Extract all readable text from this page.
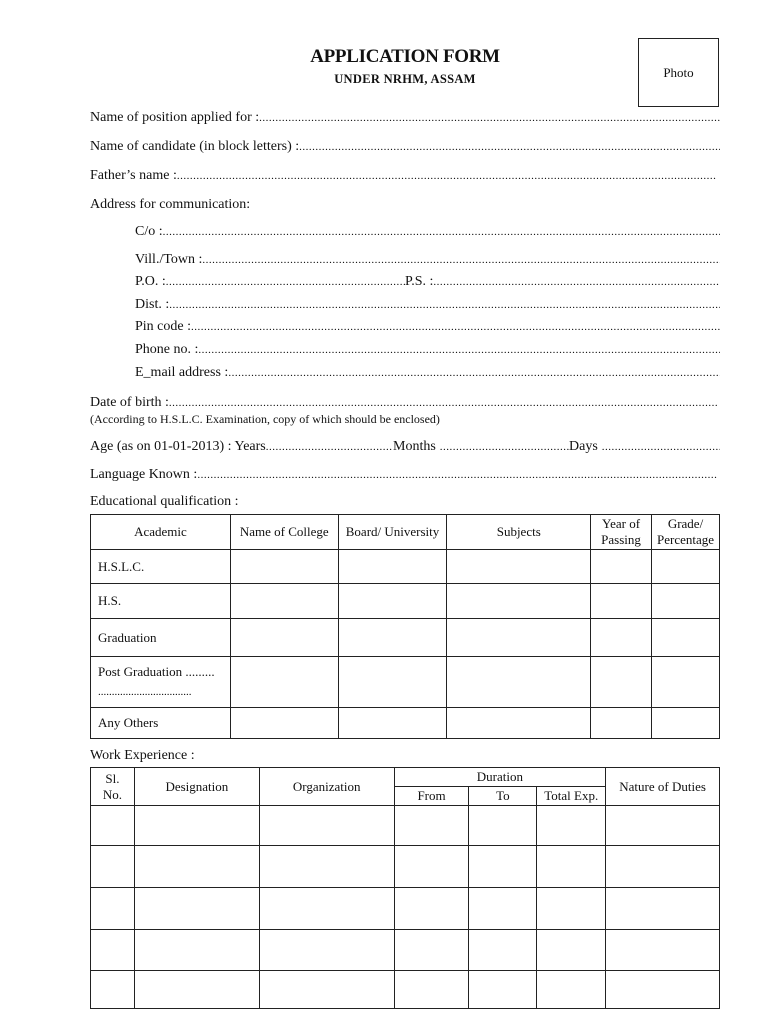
APPLICATION FORM
UNDER NRHM, ASSAM	Photo
Name of position applied for :
.....
Name of candidate (in block letters) :
.....
Father’s name :
.....
Address for communication:
C/o :
.....
Vill./Town :
.....
P.O. : .....	P.S. :
.....
Dist. :
.....
Pin code :
.....
Phone no. :
.....
E_mail address :
.....
Date of birth :
.....
(According to H.S.L.C. Examination, copy of which should be enclosed)
Age (as on 01-01-2013) : Years .....	Months .....	Days
.....
Language Known :
.....
Educational qualification :
Academic	Name of College	Board/ University	Subjects	Year of Passing	Grade/ Percentage
H.S.L.C.					
H.S.					
Graduation					

Post Graduation .........
..................................					

Any Others					
Work Experience :
Sl. No.	Designation	Organization	Duration			Nature of Duties
			From	To	Total Exp.	
